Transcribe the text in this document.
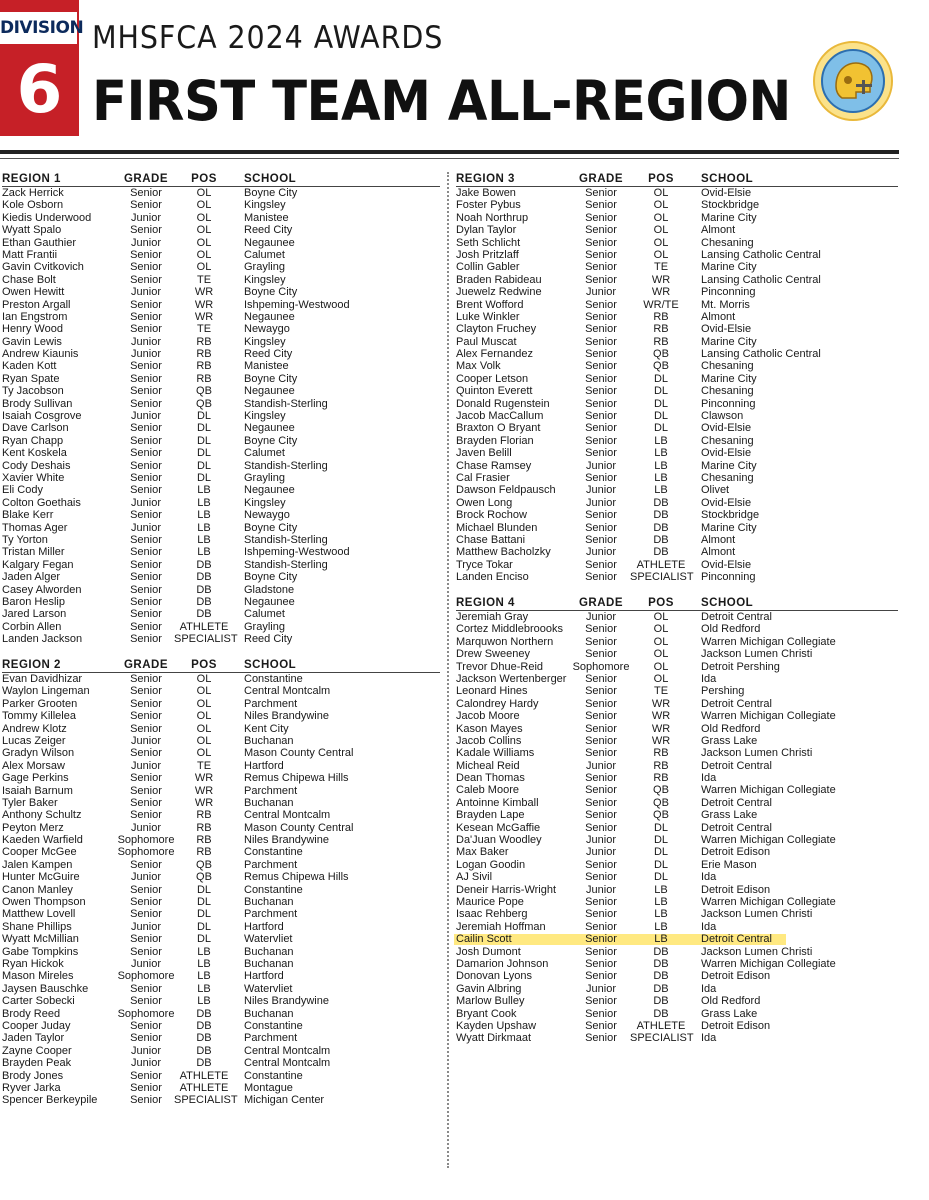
DIVISION
6
MHSFCA 2024 AWARDS
FIRST TEAM ALL-REGION
REGION 1	GRADE	POS	SCHOOL
Zack Herrick	Senior	OL	Boyne City
Kole Osborn	Senior	OL	Kingsley
Kiedis Underwood	Junior	OL	Manistee
Wyatt Spalo	Senior	OL	Reed City
Ethan Gauthier	Junior	OL	Negaunee
Matt Frantii	Senior	OL	Calumet
Gavin Cvitkovich	Senior	OL	Grayling
Chase Bolt	Senior	TE	Kingsley
Owen Hewitt	Junior	WR	Boyne City
Preston Argall	Senior	WR	Ishpeming-Westwood
Ian Engstrom	Senior	WR	Negaunee
Henry Wood	Senior	TE	Newaygo
Gavin Lewis	Junior	RB	Kingsley
Andrew Kiaunis	Junior	RB	Reed City
Kaden Kott	Senior	RB	Manistee
Ryan Spate	Senior	RB	Boyne City
Ty Jacobson	Senior	QB	Negaunee
Brody Sullivan	Senior	QB	Standish-Sterling
Isaiah Cosgrove	Junior	DL	Kingsley
Dave Carlson	Senior	DL	Negaunee
Ryan Chapp	Senior	DL	Boyne City
Kent Koskela	Senior	DL	Calumet
Cody Deshais	Senior	DL	Standish-Sterling
Xavier White	Senior	DL	Grayling
Eli Cody	Senior	LB	Negaunee
Colton Goethais	Junior	LB	Kingsley
Blake Kerr	Senior	LB	Newaygo
Thomas Ager	Junior	LB	Boyne City
Ty Yorton	Senior	LB	Standish-Sterling
Tristan Miller	Senior	LB	Ishpeming-Westwood
Kalgary Fegan	Senior	DB	Standish-Sterling
Jaden Alger	Senior	DB	Boyne City
Casey Alworden	Senior	DB	Gladstone
Baron Heslip	Senior	DB	Negaunee
Jared Larson	Senior	DB	Calumet
Corbin Allen	Senior	ATHLETE	Grayling
Landen Jackson	Senior	SPECIALIST Reed City
REGION 2	GRADE	POS	SCHOOL
Evan Davidhizar	Senior	OL	Constantine
Waylon Lingeman	Senior	OL	Central Montcalm
Parker Grooten	Senior	OL	Parchment
Tommy Killelea	Senior	OL	Niles Brandywine
Andrew Klotz	Senior	OL	Kent City
Lucas Zeiger	Junior	OL	Buchanan
Gradyn Wilson	Senior	OL	Mason County Central
Alex Morsaw	Junior	TE	Hartford
Gage Perkins	Senior	WR	Remus Chipewa Hills
Isaiah Barnum	Senior	WR	Parchment
Tyler Baker	Senior	WR	Buchanan
Anthony Schultz	Senior	RB	Central Montcalm
Peyton Merz	Junior	RB	Mason County Central
Kaeden Warfield	Sophomore	RB	Niles Brandywine
Cooper McGee	Sophomore	RB	Constantine
Jalen Kampen	Senior	QB	Parchment
Hunter McGuire	Junior	QB	Remus Chipewa Hills
Canon Manley	Senior	DL	Constantine
Owen Thompson	Senior	DL	Buchanan
Matthew Lovell	Senior	DL	Parchment
Shane Phillips	Junior	DL	Hartford
Wyatt McMillian	Senior	DL	Watervliet
Gabe Tompkins	Senior	LB	Buchanan
Ryan Hickok	Junior	LB	Buchanan
Mason Mireles	Sophomore	LB	Hartford
Jaysen Bauschke	Senior	LB	Watervliet
Carter Sobecki	Senior	LB	Niles Brandywine
Brody Reed	Sophomore	DB	Buchanan
Cooper Juday	Senior	DB	Constantine
Jaden Taylor	Senior	DB	Parchment
Zayne Cooper	Junior	DB	Central Montcalm
Brayden Peak	Junior	DB	Central Montcalm
Brody Jones	Senior	ATHLETE	Constantine
Ryver Jarka	Senior	ATHLETE	Montague
Spencer Berkeypile	Senior	SPECIALIST Michigan Center
REGION 3	GRADE	POS	SCHOOL
Jake Bowen	Senior	OL	Ovid-Elsie
Foster Pybus	Senior	OL	Stockbridge
Noah Northrup	Senior	OL	Marine City
Dylan Taylor	Senior	OL	Almont
Seth Schlicht	Senior	OL	Chesaning
Josh Pritzlaff	Senior	OL	Lansing Catholic Central
Collin Gabler	Senior	TE	Marine City
Braden Rabideau	Senior	WR	Lansing Catholic Central
Juewelz Redwine	Junior	WR	Pinconning
Brent Wofford	Senior	WR/TE	Mt. Morris
Luke Winkler	Senior	RB	Almont
Clayton Fruchey	Senior	RB	Ovid-Elsie
Paul Muscat	Senior	RB	Marine City
Alex Fernandez	Senior	QB	Lansing Catholic Central
Max Volk	Senior	QB	Chesaning
Cooper Letson	Senior	DL	Marine City
Quinton Everett	Senior	DL	Chesaning
Donald Rugenstein	Senior	DL	Pinconning
Jacob MacCallum	Senior	DL	Clawson
Braxton O Bryant	Senior	DL	Ovid-Elsie
Brayden Florian	Senior	LB	Chesaning
Javen Belill	Senior	LB	Ovid-Elsie
Chase Ramsey	Junior	LB	Marine City
Cal Frasier	Senior	LB	Chesaning
Dawson Feldpausch	Junior	LB	Olivet
Owen Long	Junior	DB	Ovid-Elsie
Brock Rochow	Senior	DB	Stockbridge
Michael Blunden	Senior	DB	Marine City
Chase Battani	Senior	DB	Almont
Matthew Bacholzky	Junior	DB	Almont
Tryce Tokar	Senior	ATHLETE	Ovid-Elsie
Landen Enciso	Senior	SPECIALIST Pinconning
REGION 4	GRADE	POS	SCHOOL
Jeremiah Gray	Junior	OL	Detroit Central
Cortez Middlebroooks	Senior	OL	Old Redford
Marquwon Northern	Senior	OL	Warren Michigan Collegiate
Drew Sweeney	Senior	OL	Jackson Lumen Christi
Trevor Dhue-Reid	Sophomore	OL	Detroit Pershing
Jackson Wertenberger	Senior	OL	Ida
Leonard Hines	Senior	TE	Pershing
Calondrey Hardy	Senior	WR	Detroit Central
Jacob Moore	Senior	WR	Warren Michigan Collegiate
Kason Mayes	Senior	WR	Old Redford
Jacob Collins	Senior	WR	Grass Lake
Kadale Williams	Senior	RB	Jackson Lumen Christi
Micheal Reid	Junior	RB	Detroit Central
Dean Thomas	Senior	RB	Ida
Caleb Moore	Senior	QB	Warren Michigan Collegiate
Antoinne Kimball	Senior	QB	Detroit Central
Brayden Lape	Senior	QB	Grass Lake
Kesean McGaffie	Senior	DL	Detroit Central
Da'Juan Woodley	Junior	DL	Warren Michigan Collegiate
Max Baker	Junior	DL	Detroit Edison
Logan Goodin	Senior	DL	Erie Mason
AJ Sivil	Senior	DL	Ida
Deneir Harris-Wright	Junior	LB	Detroit Edison
Maurice Pope	Senior	LB	Warren Michigan Collegiate
Isaac Rehberg	Senior	LB	Jackson Lumen Christi
Jeremiah Hoffman	Senior	LB	Ida
Cailin Scott	Senior	LB	Detroit Central
Josh Dumont	Senior	DB	Jackson Lumen Christi
Damarion Johnson	Senior	DB	Warren Michigan Collegiate
Donovan Lyons	Senior	DB	Detroit Edison
Gavin Albring	Junior	DB	Ida
Marlow Bulley	Senior	DB	Old Redford
Bryant Cook	Senior	DB	Grass Lake
Kayden Upshaw	Senior	ATHLETE	Detroit Edison
Wyatt Dirkmaat	Senior	SPECIALIST Ida
